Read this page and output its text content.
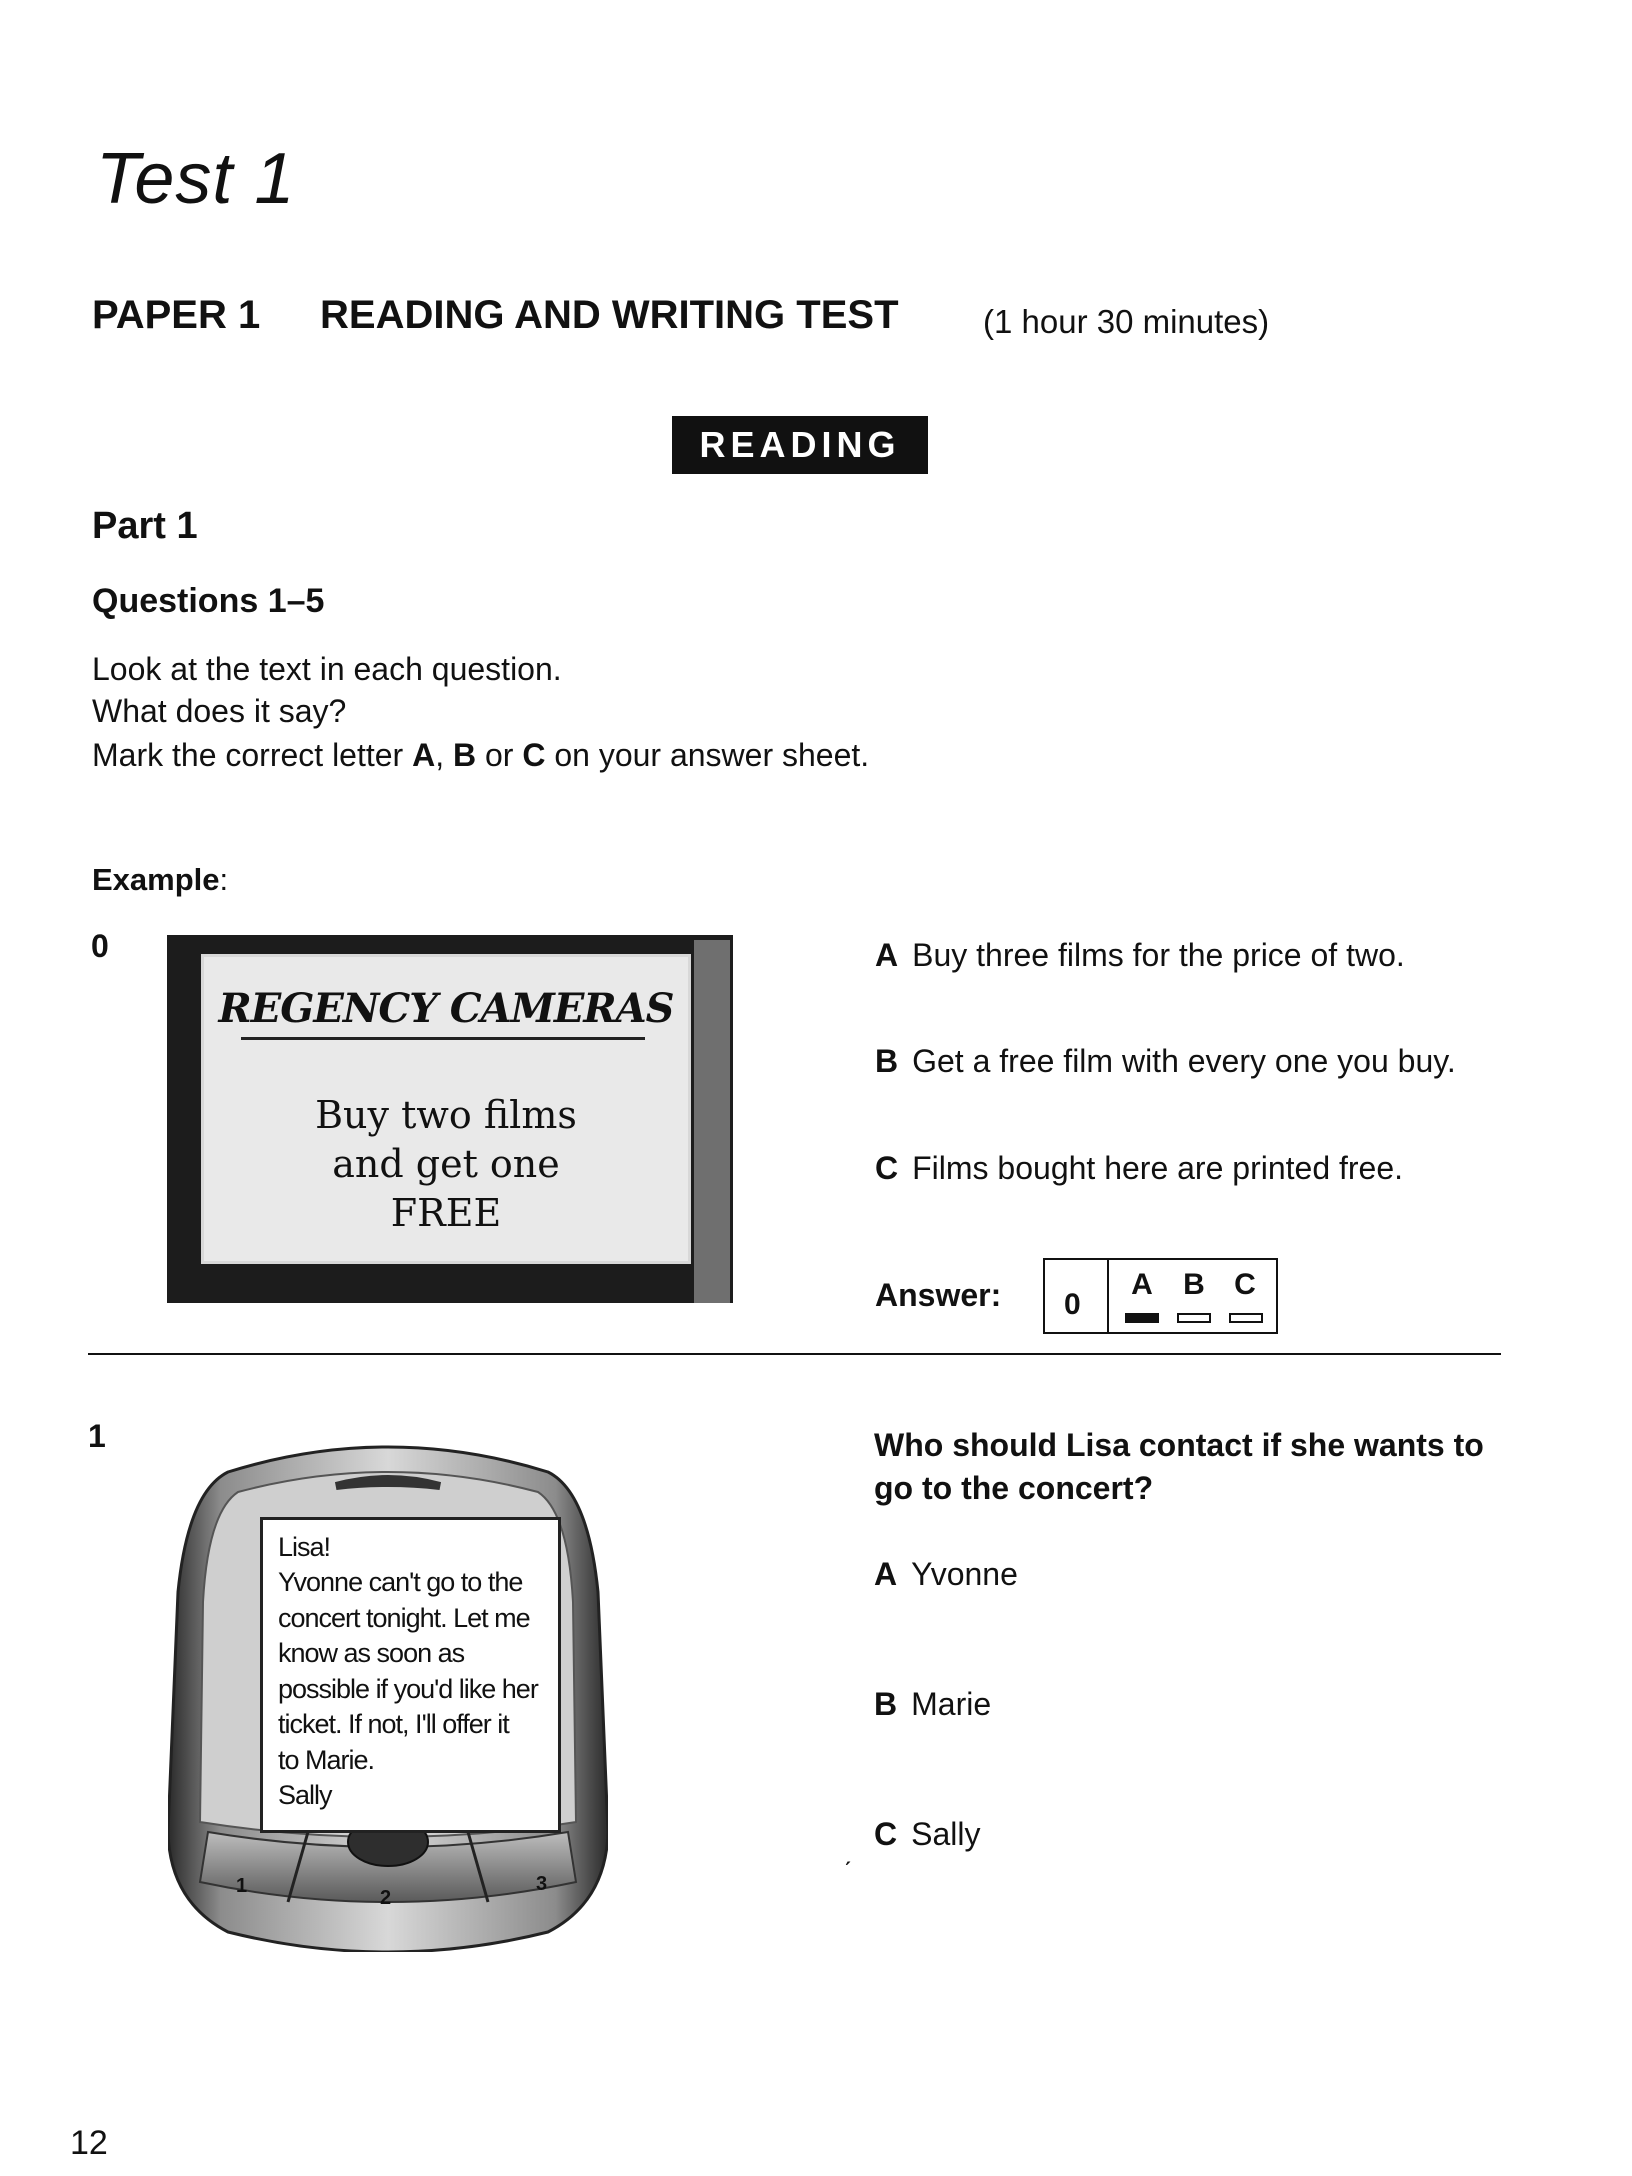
Test 1
PAPER 1 READING AND WRITING TEST	(1 hour 30 minutes)
READING
Part 1
Questions 1–5
Look at the text in each question.
What does it say?
Mark the correct letter A, B or C on your answer sheet.
Example:
0
REGENCY CAMERAS
Buy two films
and get one
FREE
A Buy three films for the price of two.
B Get a free film with every one you buy.
C Films bought here are printed free.
Answer: 0
A B C
1
1
2
3
Lisa!
Yvonne can't go to the
concert tonight. Let me
know as soon as
possible if you'd like her
ticket. If not, I'll offer it
to Marie.
Sally
Who should Lisa contact if she wants to
go to the concert?
A Yvonne
B Marie
ˏ C Sally
12
